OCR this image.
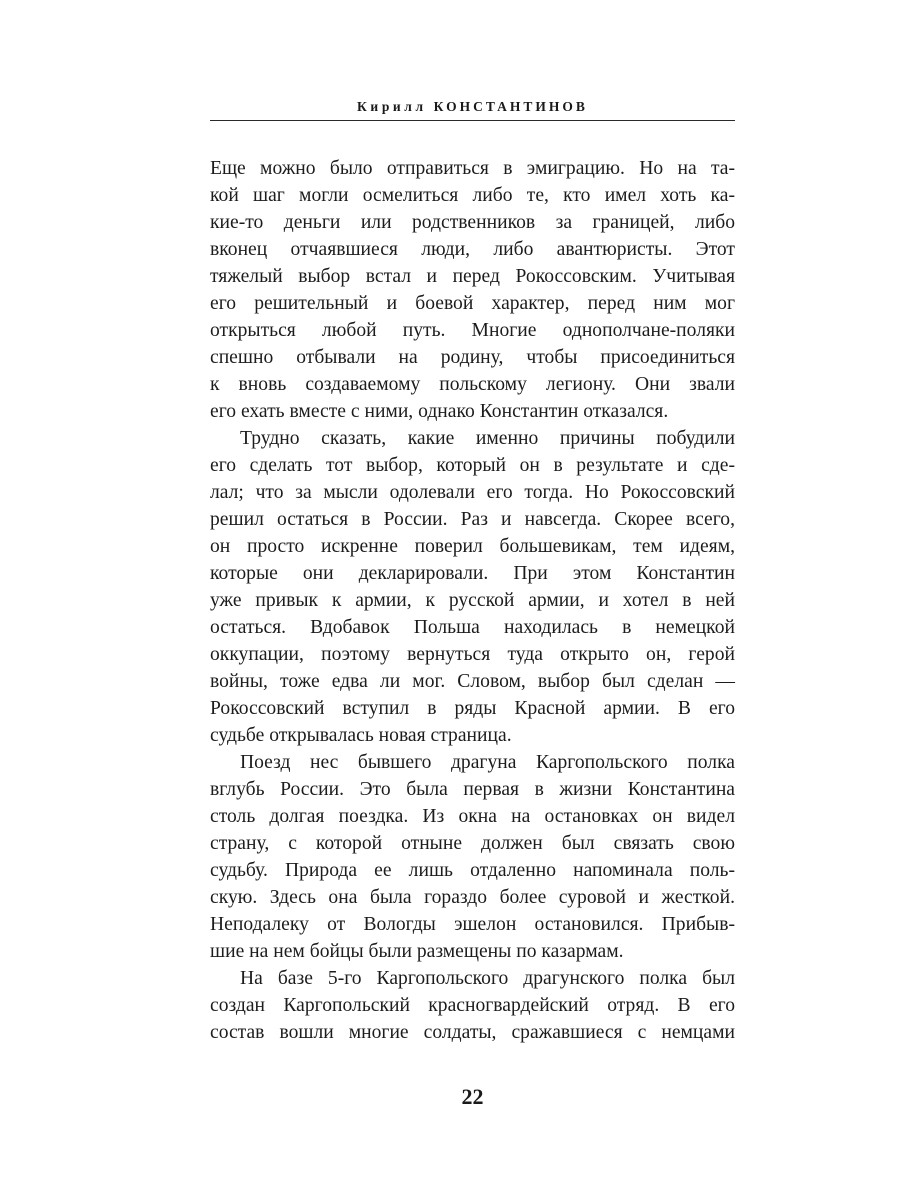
Кирилл КОНСТАНТИНОВ

Еще можно было отправиться в эмиграцию. Но на та-
кой шаг могли осмелиться либо те, кто имел хоть ка-
кие-то деньги или родственников за границей, либо
вконец отчаявшиеся люди, либо авантюристы. Этот
тяжелый выбор встал и перед Рокоссовским. Учитывая
его решительный и боевой характер, перед ним мог
открыться любой путь. Многие однополчане-поляки
спешно отбывали на родину, чтобы присоединиться
к вновь создаваемому польскому легиону. Они звали
его ехать вместе с ними, однако Константин отказался.

Трудно сказать, какие именно причины побудили
его сделать тот выбор, который он в результате и сде-
лал; что за мысли одолевали его тогда. Но Рокоссовский
решил остаться в России. Раз и навсегда. Скорее всего,
он просто искренне поверил большевикам, тем идеям,
которые они декларировали. При этом Константин
уже привык к армии, к русской армии, и хотел в ней
остаться. Вдобавок Польша находилась в немецкой
оккупации, поэтому вернуться туда открыто он, герой
войны, тоже едва ли мог. Словом, выбор был сделан —
Рокоссовский вступил в ряды Красной армии. В его
судьбе открывалась новая страница.

Поезд нес бывшего драгуна Каргопольского полка
вглубь России. Это была первая в жизни Константина
столь долгая поездка. Из окна на остановках он видел
страну, с которой отныне должен был связать свою
судьбу. Природа ее лишь отдаленно напоминала поль-
скую. Здесь она была гораздо более суровой и жесткой.
Неподалеку от Вологды эшелон остановился. Прибыв-
шие на нем бойцы были размещены по казармам.

На базе 5-го Каргопольского драгунского полка был
создан Каргопольский красногвардейский отряд. В его
состав вошли многие солдаты, сражавшиеся с немцами

22
